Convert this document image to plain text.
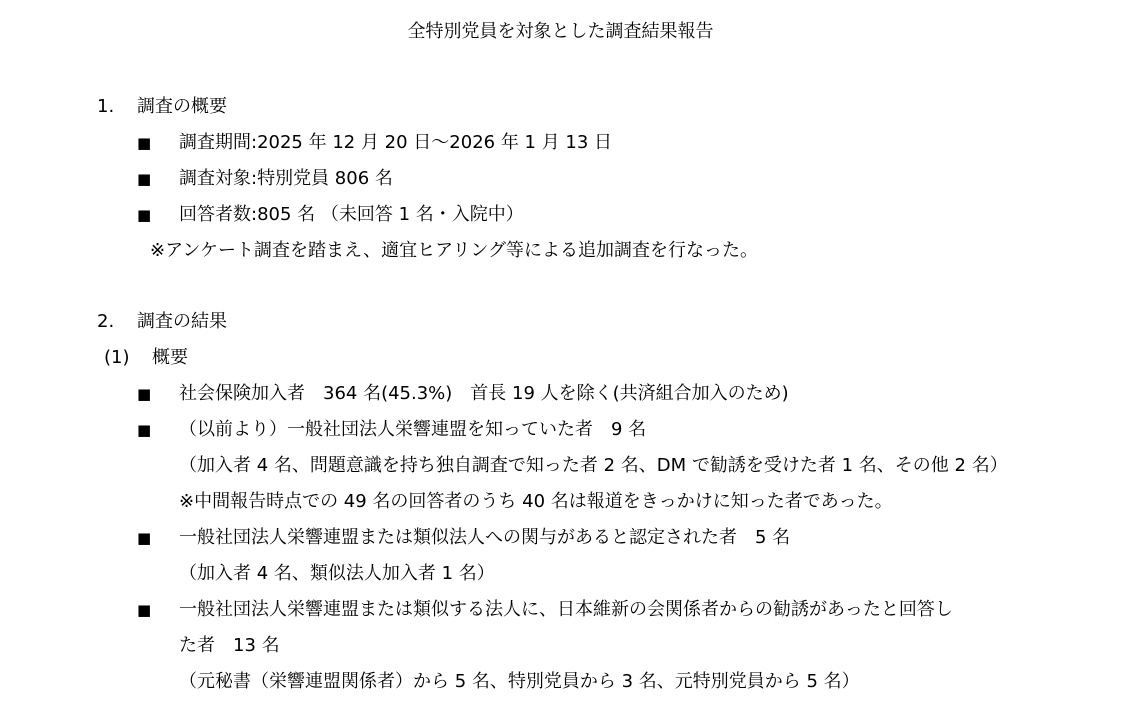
全特別党員を対象とした調査結果報告
1. 調査の概要
■ 調査期間:2025 年 12 月 20 日～2026 年 1 月 13 日
■ 調査対象:特別党員 806 名
■ 回答者数:805 名 （未回答 1 名・入院中）
※アンケート調査を踏まえ、適宜ヒアリング等による追加調査を行なった。
2. 調査の結果
(1) 概要
■ 社会保険加入者　364 名(45.3%)　首長 19 人を除く(共済組合加入のため)
■ （以前より）一般社団法人栄響連盟を知っていた者　9 名
（加入者 4 名、問題意識を持ち独自調査で知った者 2 名、DM で勧誘を受けた者 1 名、その他 2 名）
※中間報告時点での 49 名の回答者のうち 40 名は報道をきっかけに知った者であった。
■ 一般社団法人栄響連盟または類似法人への関与があると認定された者　5 名
（加入者 4 名、類似法人加入者 1 名）
■ 一般社団法人栄響連盟または類似する法人に、日本維新の会関係者からの勧誘があったと回答し
た者　13 名
（元秘書（栄響連盟関係者）から 5 名、特別党員から 3 名、元特別党員から 5 名）
